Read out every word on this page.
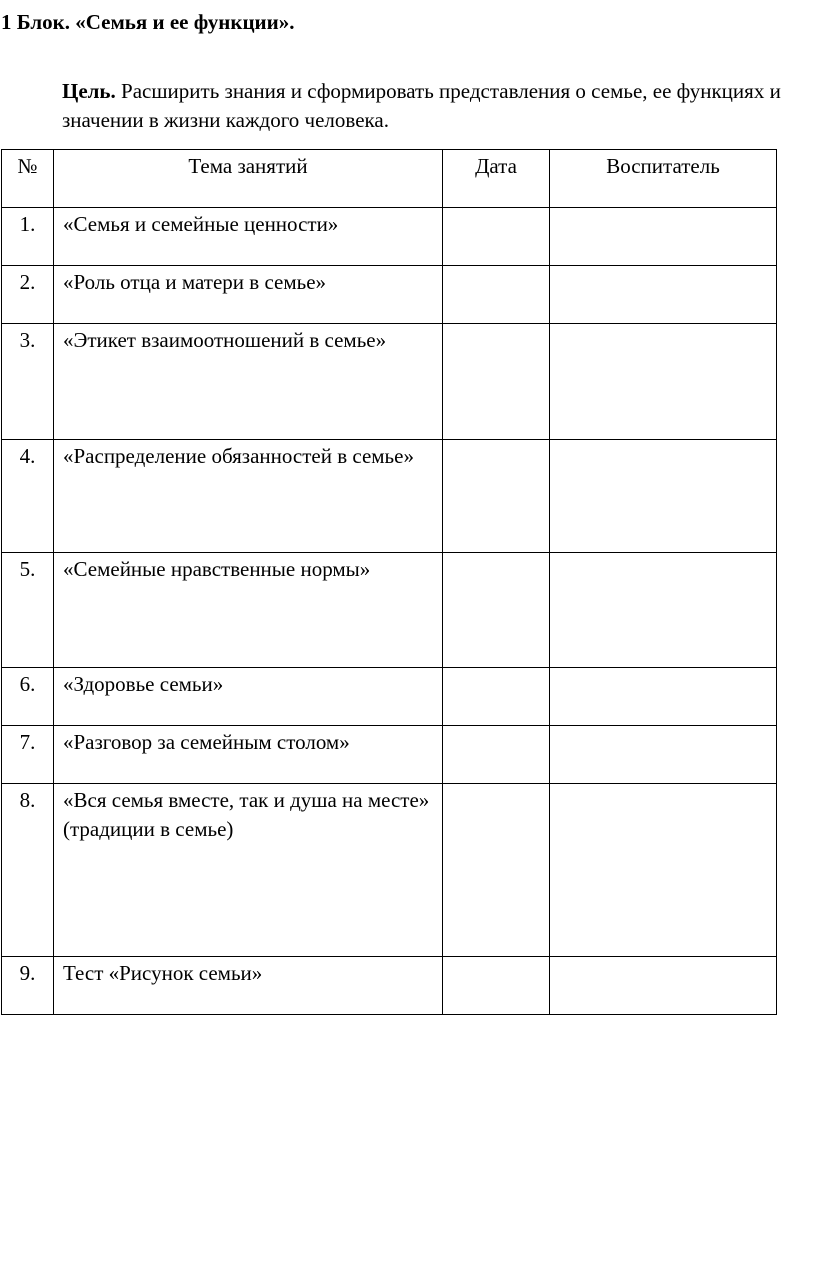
1 Блок. «Семья и ее функции».

Цель. Расширить знания и сформировать представления о семье, ее функциях и значении в жизни каждого человека.

№	Тема занятий	Дата	Воспитатель

1.	«Семья и семейные ценности»		

2.	«Роль отца и матери в семье»		

3.	«Этикет взаимоотношений в семье»		

4.	«Распределение обязанностей в семье»		

5.	«Семейные нравственные нормы»		

6.	«Здоровье семьи»		

7.	«Разговор за семейным столом»		

8.	«Вся семья вместе, так и душа на месте» (традиции в семье)		

9.	Тест «Рисунок семьи»		
